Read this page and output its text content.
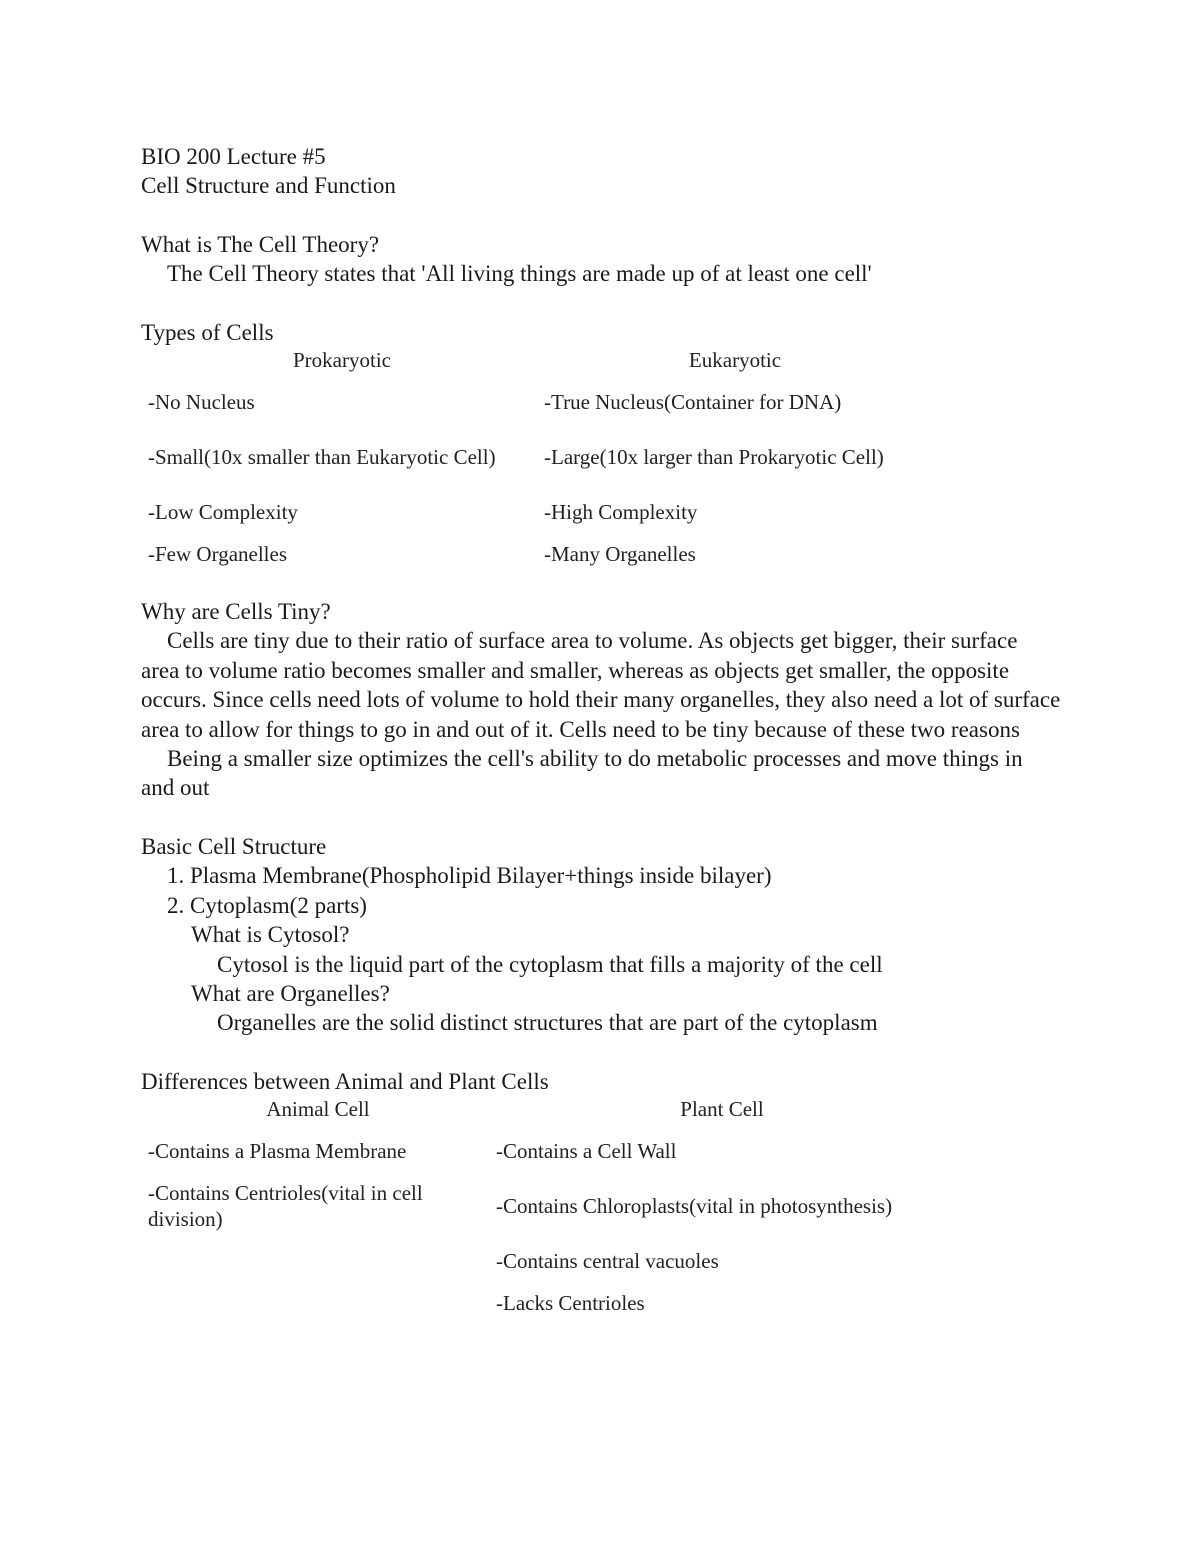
BIO 200 Lecture #5
Cell Structure and Function
What is The Cell Theory?
The Cell Theory states that 'All living things are made up of at least one cell'
Types of Cells
Prokaryotic	Eukaryotic
-No Nucleus	-True Nucleus(Container for DNA)
-Small(10x smaller than Eukaryotic Cell)	-Large(10x larger than Prokaryotic Cell)
-Low Complexity	-High Complexity
-Few Organelles	-Many Organelles
Why are Cells Tiny?
Cells are tiny due to their ratio of surface area to volume. As objects get bigger, their surface area to volume ratio becomes smaller and smaller, whereas as objects get smaller, the opposite occurs. Since cells need lots of volume to hold their many organelles, they also need a lot of surface area to allow for things to go in and out of it. Cells need to be tiny because of these two reasons
Being a smaller size optimizes the cell's ability to do metabolic processes and move things in and out
Basic Cell Structure
1. Plasma Membrane(Phospholipid Bilayer+things inside bilayer)
2. Cytoplasm(2 parts)
What is Cytosol?
Cytosol is the liquid part of the cytoplasm that fills a majority of the cell
What are Organelles?
Organelles are the solid distinct structures that are part of the cytoplasm
Differences between Animal and Plant Cells
Animal Cell	Plant Cell
-Contains a Plasma Membrane	-Contains a Cell Wall
-Contains Centrioles(vital in cell division)	-Contains Chloroplasts(vital in photosynthesis)
	-Contains central vacuoles
	-Lacks Centrioles
